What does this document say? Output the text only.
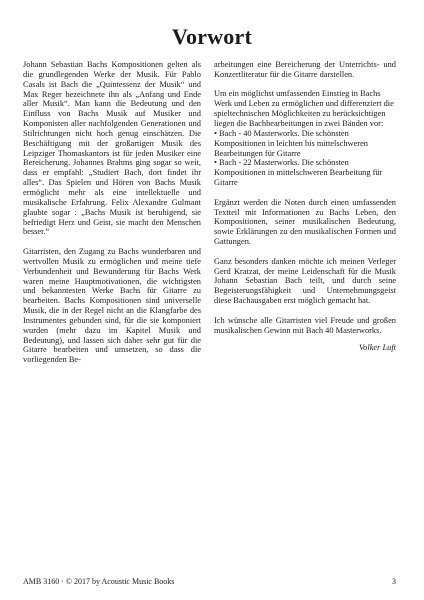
Vorwort

Johann Sebastian Bachs Kompositionen gelten als die grundlegenden Werke der Musik. Für Pablo Casals ist Bach die „Quintessenz der Musik“ und Max Reger bezeichnete ihn als „Anfang und Ende aller Musik“. Man kann die Bedeutung und den Einfluss von Bachs Musik auf Musiker und Komponisten aller nachfolgenden Generationen und Stilrichtungen nicht hoch genug einschätzen. Die Beschäftigung mit der großartigen Musik des Leipziger Thomaskantors ist für jeden Musiker eine Bereicherung. Johannes Brahms ging sogar so weit, dass er empfahl: „Studiert Bach, dort findet ihr alles“. Das Spielen und Hören von Bachs Musik ermöglicht mehr als eine intellektuelle und musikalische Erfahrung. Felix Alexandre Gulmant glaubte sogar : „Bachs Musik ist beruhigend, sie befriedigt Herz und Geist, sie macht den Menschen besser.“

Gitarristen, den Zugang zu Bachs wunderbaren und wertvollen Musik zu ermöglichen und meine tiefe Verbundenheit und Bewunderung für Bachs Werk waren meine Hauptmotivationen, die wichtigsten und bekanntesten Werke Bachs für Gitarre zu bearbeiten. Bachs Kompositionen sind universelle Musik, die in der Regel nicht an die Klangfarbe des Instrumentes gebunden sind, für die sie komponiert wurden (mehr dazu im Kapitel Musik und Bedeutung), und lassen sich daher sehr gut für die Gitarre bearbeiten und umsetzen, so dass die vorliegenden Be-

arbeitungen eine Bereicherung der Unterrichts- und Konzertliteratur für die Gitarre darstellen.

Um ein möglichst umfassenden Einstieg in Bachs Werk und Leben zu ermöglichen und differenziert die spieltechnischen Möglichkeiten zu berücksichtigen liegen die Bachbearbeitungen in zwei Bänden vor:
• Bach - 40 Masterworks. Die schönsten Kompositionen in leichten bis mittelschweren Bearbeitungen für Gitarre
• Bach - 22 Masterworks. Die schönsten Kompositionen in mittelschweren Bearbeitung für Gitarre

Ergänzt werden die Noten durch einen umfassenden Textteil mit Informationen zu Bachs Leben, den Kompositionen, seiner musikalischen Bedeutung, sowie Erklärungen zu den musikalischen Formen und Gattungen.

Ganz besonders danken möchte ich meinen Verleger Gerd Kratzat, der meine Leidenschaft für die Musik Johann Sebastian Bach teilt, und durch seine Begeisterungsfähigkeit und Unternehmungsgeist diese Bachausgaben erst möglich gemacht hat.

Ich wünsche alle Gitarristen viel Freude und großen musikalischen Gewinn mit Bach 40 Masterworks.

Volker Luft
AMB 3160 · © 2017 by Acoustic Music Books	3
